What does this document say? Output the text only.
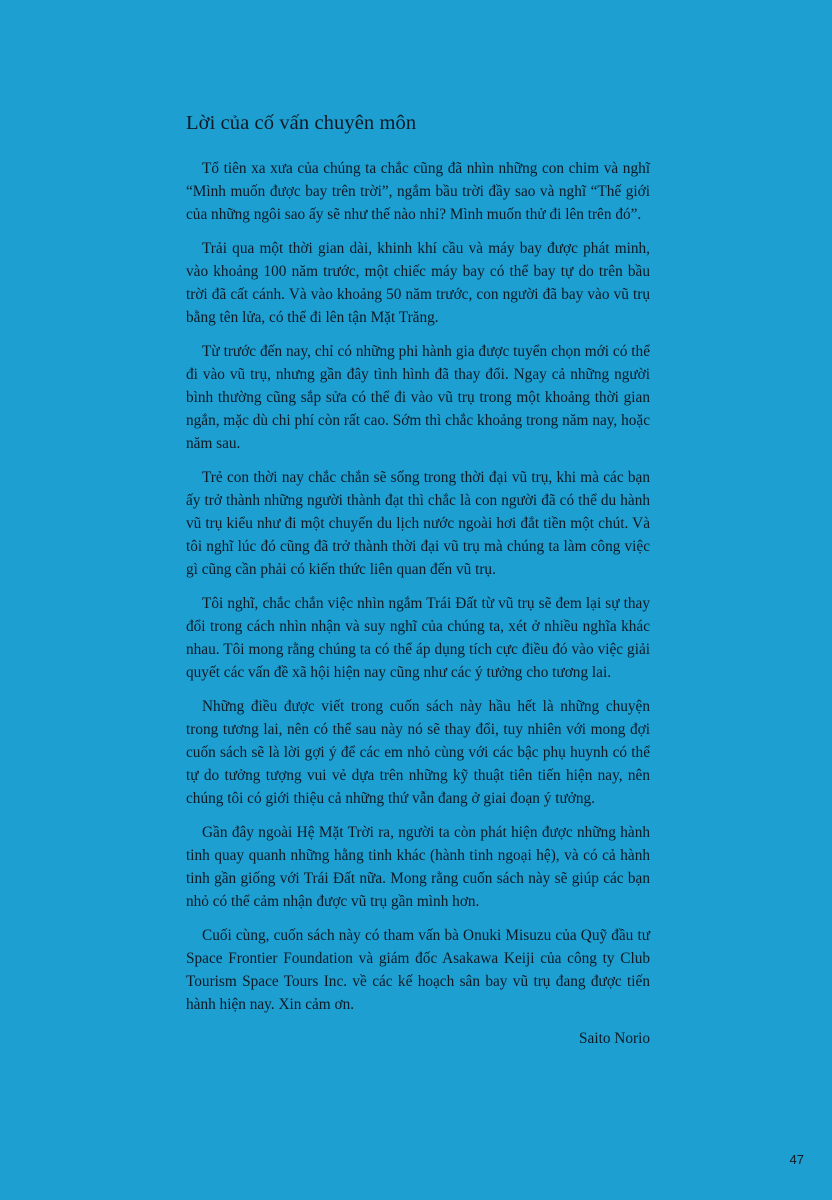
Lời của cố vấn chuyên môn

Tổ tiên xa xưa của chúng ta chắc cũng đã nhìn những con chim và nghĩ “Mình muốn được bay trên trời”, ngắm bầu trời đầy sao và nghĩ “Thế giới của những ngôi sao ấy sẽ như thế nào nhỉ? Mình muốn thử đi lên trên đó”.

Trải qua một thời gian dài, khinh khí cầu và máy bay được phát minh, vào khoảng 100 năm trước, một chiếc máy bay có thể bay tự do trên bầu trời đã cất cánh. Và vào khoảng 50 năm trước, con người đã bay vào vũ trụ bằng tên lửa, có thể đi lên tận Mặt Trăng.

Từ trước đến nay, chỉ có những phi hành gia được tuyển chọn mới có thể đi vào vũ trụ, nhưng gần đây tình hình đã thay đổi. Ngay cả những người bình thường cũng sắp sửa có thể đi vào vũ trụ trong một khoảng thời gian ngắn, mặc dù chi phí còn rất cao. Sớm thì chắc khoảng trong năm nay, hoặc năm sau.

Trẻ con thời nay chắc chắn sẽ sống trong thời đại vũ trụ, khi mà các bạn ấy trở thành những người thành đạt thì chắc là con người đã có thể du hành vũ trụ kiểu như đi một chuyến du lịch nước ngoài hơi đắt tiền một chút. Và tôi nghĩ lúc đó cũng đã trở thành thời đại vũ trụ mà chúng ta làm công việc gì cũng cần phải có kiến thức liên quan đến vũ trụ.

Tôi nghĩ, chắc chắn việc nhìn ngắm Trái Đất từ vũ trụ sẽ đem lại sự thay đổi trong cách nhìn nhận và suy nghĩ của chúng ta, xét ở nhiều nghĩa khác nhau. Tôi mong rằng chúng ta có thể áp dụng tích cực điều đó vào việc giải quyết các vấn đề xã hội hiện nay cũng như các ý tưởng cho tương lai.

Những điều được viết trong cuốn sách này hầu hết là những chuyện trong tương lai, nên có thể sau này nó sẽ thay đổi, tuy nhiên với mong đợi cuốn sách sẽ là lời gợi ý để các em nhỏ cùng với các bậc phụ huynh có thể tự do tưởng tượng vui vẻ dựa trên những kỹ thuật tiên tiến hiện nay, nên chúng tôi có giới thiệu cả những thứ vẫn đang ở giai đoạn ý tưởng.

Gần đây ngoài Hệ Mặt Trời ra, người ta còn phát hiện được những hành tinh quay quanh những hằng tinh khác (hành tinh ngoại hệ), và có cả hành tinh gần giống với Trái Đất nữa. Mong rằng cuốn sách này sẽ giúp các bạn nhỏ có thể cảm nhận được vũ trụ gần mình hơn.

Cuối cùng, cuốn sách này có tham vấn bà Onuki Misuzu của Quỹ đầu tư Space Frontier Foundation và giám đốc Asakawa Keiji của công ty Club Tourism Space Tours Inc. về các kế hoạch sân bay vũ trụ đang được tiến hành hiện nay. Xin cảm ơn.

Saito Norio

47
